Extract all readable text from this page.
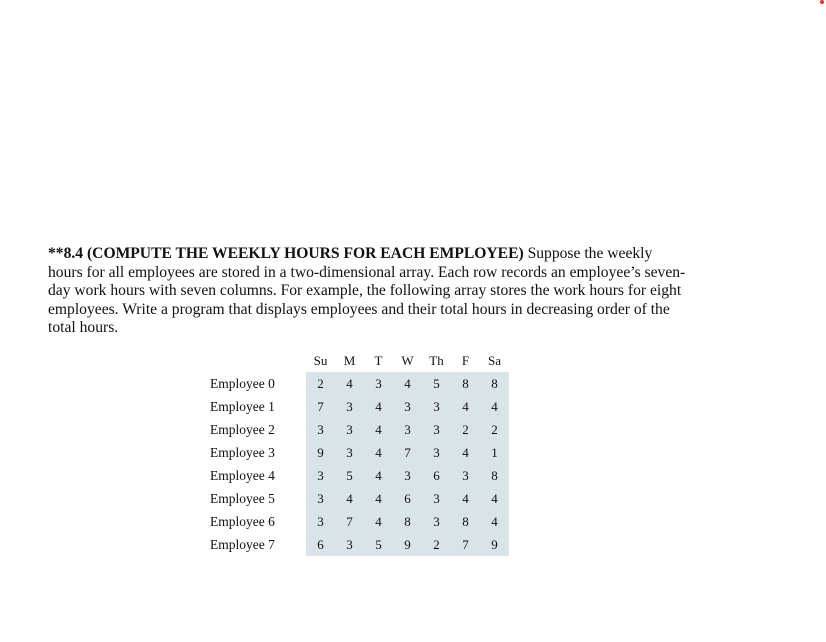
**8.4 (COMPUTE THE WEEKLY HOURS FOR EACH EMPLOYEE) Suppose the weekly hours for all employees are stored in a two-dimensional array. Each row records an employee’s seven-day work hours with seven columns. For example, the following array stores the work hours for eight employees. Write a program that displays employees and their total hours in decreasing order of the total hours.
	Su	M	T	W	Th	F	Sa
Employee 0	2	4	3	4	5	8	8
Employee 1	7	3	4	3	3	4	4
Employee 2	3	3	4	3	3	2	2
Employee 3	9	3	4	7	3	4	1
Employee 4	3	5	4	3	6	3	8
Employee 5	3	4	4	6	3	4	4
Employee 6	3	7	4	8	3	8	4
Employee 7	6	3	5	9	2	7	9
